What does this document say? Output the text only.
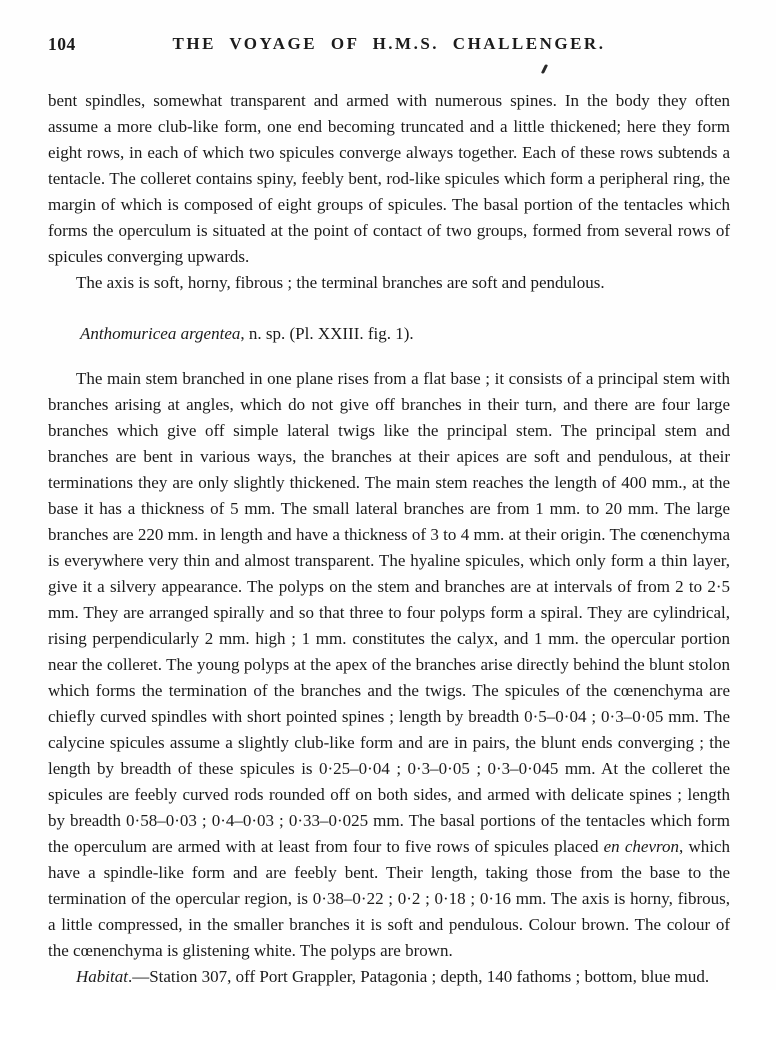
104	THE VOYAGE OF H.M.S. CHALLENGER.

bent spindles, somewhat transparent and armed with numerous spines. In the body they often assume a more club-like form, one end becoming truncated and a little thickened; here they form eight rows, in each of which two spicules converge always together. Each of these rows subtends a tentacle. The colleret contains spiny, feebly bent, rod-like spicules which form a peripheral ring, the margin of which is composed of eight groups of spicules. The basal portion of the tentacles which forms the operculum is situated at the point of contact of two groups, formed from several rows of spicules converging upwards.

The axis is soft, horny, fibrous ; the terminal branches are soft and pendulous.

Anthomuricea argentea, n. sp. (Pl. XXIII. fig. 1).

The main stem branched in one plane rises from a flat base ; it consists of a principal stem with branches arising at angles, which do not give off branches in their turn, and there are four large branches which give off simple lateral twigs like the principal stem. The principal stem and branches are bent in various ways, the branches at their apices are soft and pendulous, at their terminations they are only slightly thickened. The main stem reaches the length of 400 mm., at the base it has a thickness of 5 mm. The small lateral branches are from 1 mm. to 20 mm. The large branches are 220 mm. in length and have a thickness of 3 to 4 mm. at their origin. The cœnenchyma is everywhere very thin and almost transparent. The hyaline spicules, which only form a thin layer, give it a silvery appearance. The polyps on the stem and branches are at intervals of from 2 to 2·5 mm. They are arranged spirally and so that three to four polyps form a spiral. They are cylindrical, rising perpendicularly 2 mm. high ; 1 mm. constitutes the calyx, and 1 mm. the opercular portion near the colleret. The young polyps at the apex of the branches arise directly behind the blunt stolon which forms the termination of the branches and the twigs. The spicules of the cœnenchyma are chiefly curved spindles with short pointed spines ; length by breadth 0·5–0·04 ; 0·3–0·05 mm. The calycine spicules assume a slightly club-like form and are in pairs, the blunt ends converging ; the length by breadth of these spicules is 0·25–0·04 ; 0·3–0·05 ; 0·3–0·045 mm. At the colleret the spicules are feebly curved rods rounded off on both sides, and armed with delicate spines ; length by breadth 0·58–0·03 ; 0·4–0·03 ; 0·33–0·025 mm. The basal portions of the tentacles which form the operculum are armed with at least from four to five rows of spicules placed en chevron, which have a spindle-like form and are feebly bent. Their length, taking those from the base to the termination of the opercular region, is 0·38–0·22 ; 0·2 ; 0·18 ; 0·16 mm. The axis is horny, fibrous, a little compressed, in the smaller branches it is soft and pendulous. Colour brown. The colour of the cœnenchyma is glistening white. The polyps are brown.

Habitat.—Station 307, off Port Grappler, Patagonia ; depth, 140 fathoms ; bottom, blue mud.
